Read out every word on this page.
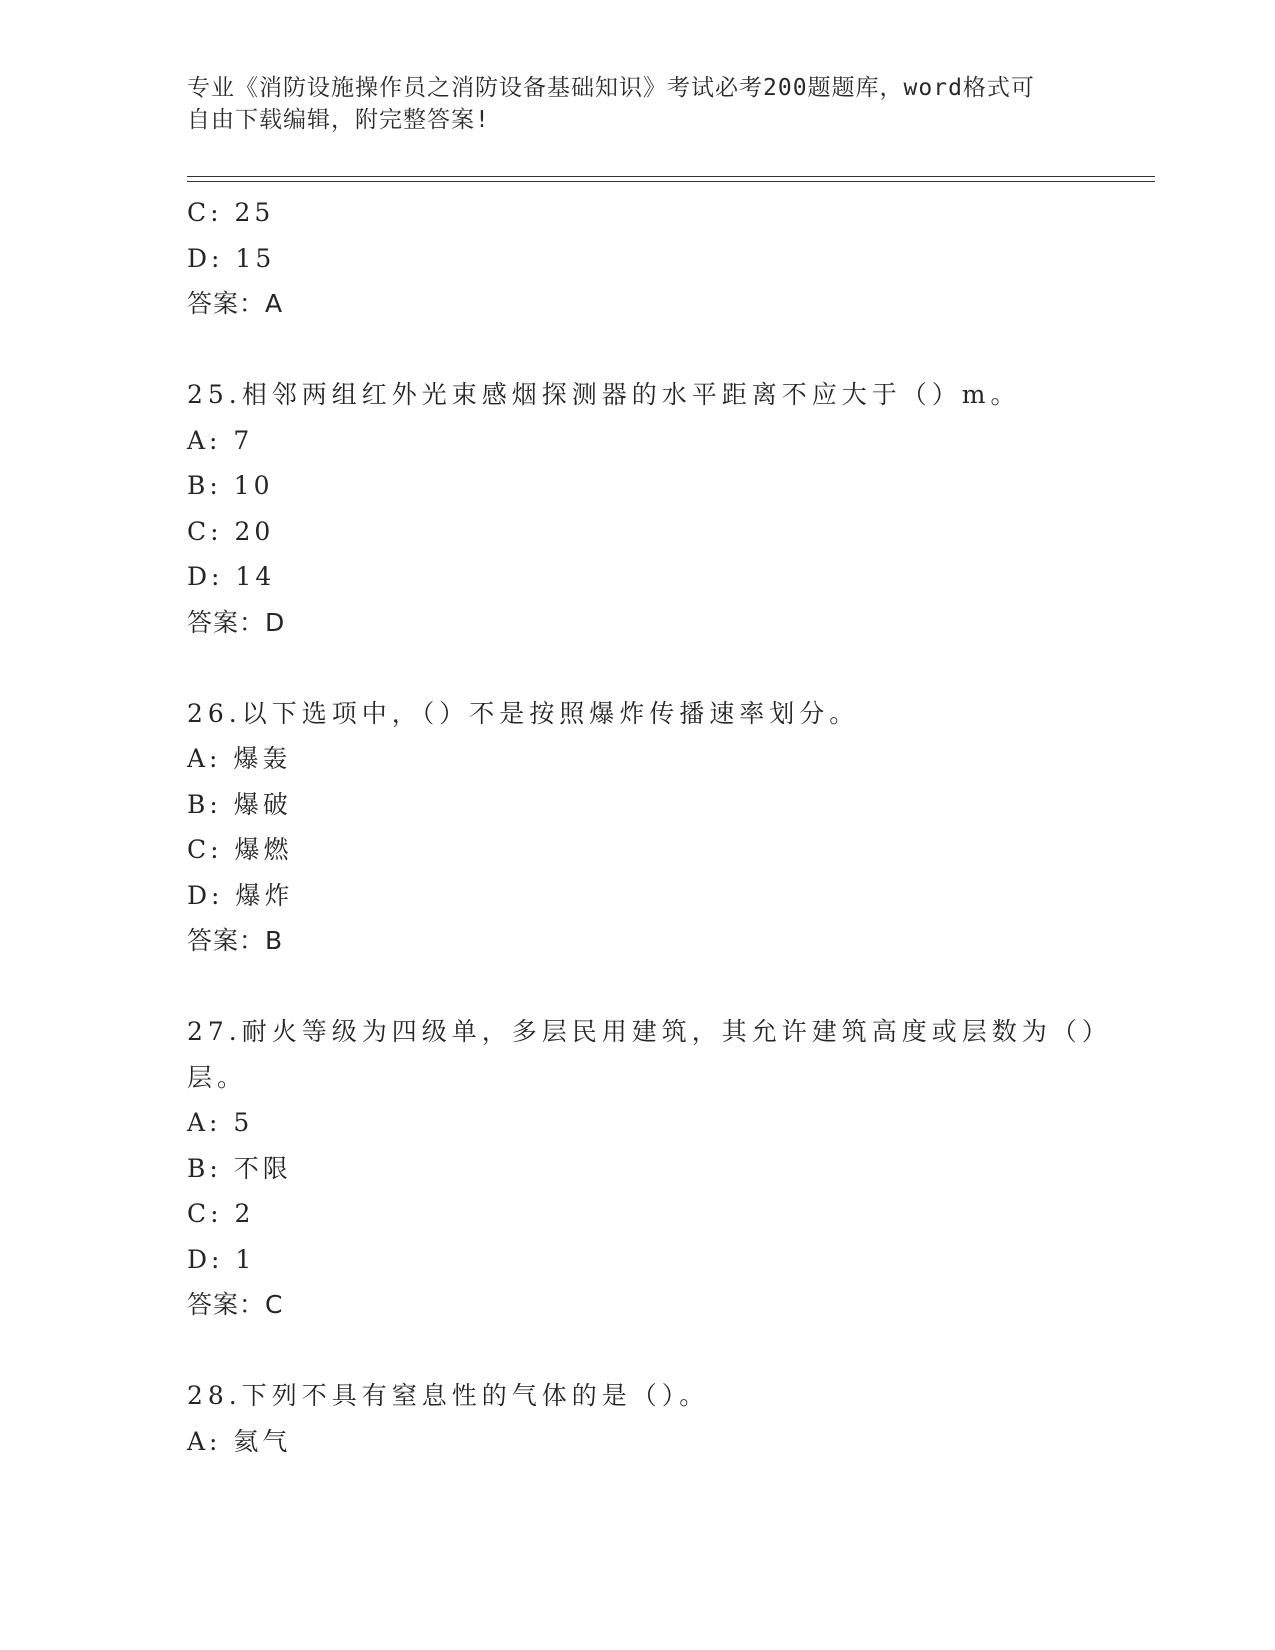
专业《消防设施操作员之消防设备基础知识》考试必考200题题库，word格式可
自由下载编辑，附完整答案!
C: 25
D: 15
答案：A
25.相邻两组红外光束感烟探测器的水平距离不应大于（）m。
A: 7
B: 10
C: 20
D: 14
答案：D
26.以下选项中，（）不是按照爆炸传播速率划分。
A: 爆轰
B: 爆破
C: 爆燃
D: 爆炸
答案：B
27.耐火等级为四级单，多层民用建筑，其允许建筑高度或层数为（）
层。
A: 5
B: 不限
C: 2
D: 1
答案：C
28.下列不具有窒息性的气体的是（）。
A: 氦气
